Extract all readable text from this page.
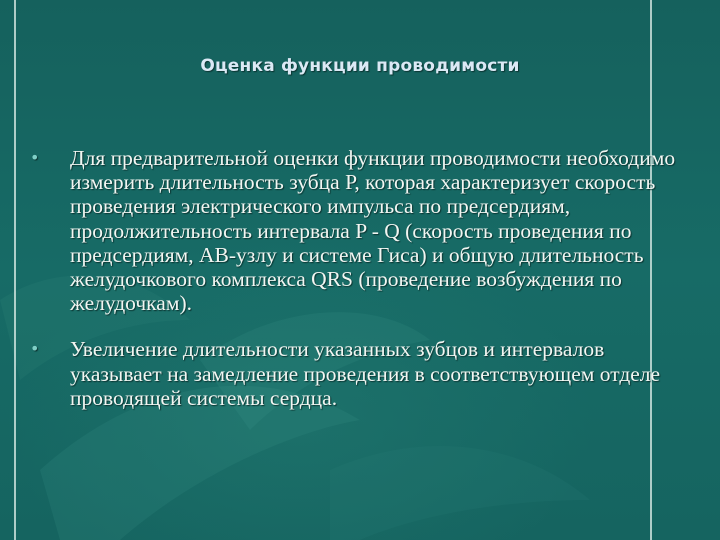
Оценка функции проводимости
• Для предварительной оценки функции проводимости необходимо измерить длительность зубца Р, которая характеризует скорость проведения электрического импульса по предсердиям, продолжительность интервала P - Q (скорость проведения по предсердиям, АВ-узлу и системе Гиса) и общую длительность желудочкового комплекса QRS (проведение возбуждения по желудочкам).
• Увеличение длительности указанных зубцов и интервалов указывает на замедление проведения в соответствующем отделе проводящей системы сердца.
